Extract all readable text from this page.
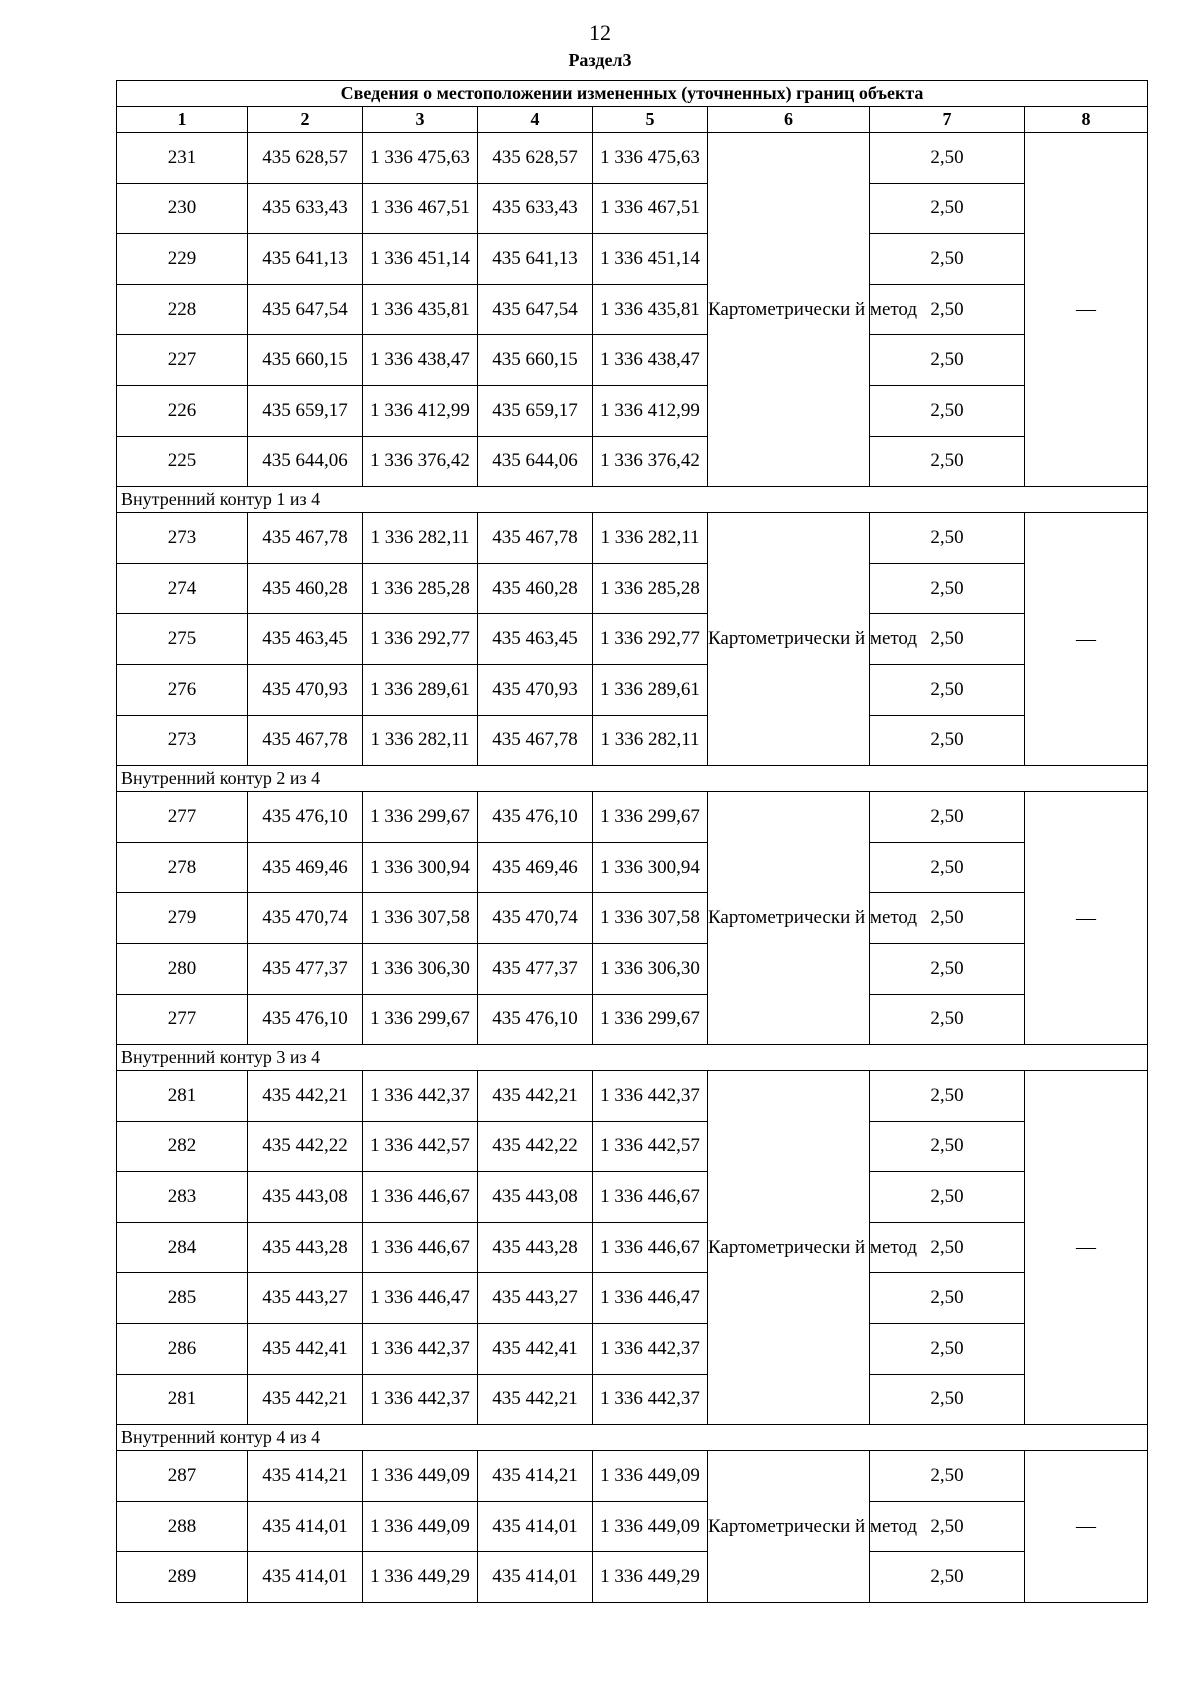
12
Раздел3
Сведения о местоположении измененных (уточненных) границ объекта							
1	2	3	4	5	6	7	8
231	435 628,57	1 336 475,63	435 628,57	1 336 475,63	Картометрически й метод	2,50	—
230	435 633,43	1 336 467,51	435 633,43	1 336 467,51		2,50	
229	435 641,13	1 336 451,14	435 641,13	1 336 451,14		2,50	
228	435 647,54	1 336 435,81	435 647,54	1 336 435,81		2,50	
227	435 660,15	1 336 438,47	435 660,15	1 336 438,47		2,50	
226	435 659,17	1 336 412,99	435 659,17	1 336 412,99		2,50	
225	435 644,06	1 336 376,42	435 644,06	1 336 376,42		2,50	
Внутренний контур 1 из 4							
273	435 467,78	1 336 282,11	435 467,78	1 336 282,11	Картометрически й метод	2,50	—
274	435 460,28	1 336 285,28	435 460,28	1 336 285,28		2,50	
275	435 463,45	1 336 292,77	435 463,45	1 336 292,77		2,50	
276	435 470,93	1 336 289,61	435 470,93	1 336 289,61		2,50	
273	435 467,78	1 336 282,11	435 467,78	1 336 282,11		2,50	
Внутренний контур 2 из 4							
277	435 476,10	1 336 299,67	435 476,10	1 336 299,67	Картометрически й метод	2,50	—
278	435 469,46	1 336 300,94	435 469,46	1 336 300,94		2,50	
279	435 470,74	1 336 307,58	435 470,74	1 336 307,58		2,50	
280	435 477,37	1 336 306,30	435 477,37	1 336 306,30		2,50	
277	435 476,10	1 336 299,67	435 476,10	1 336 299,67		2,50	
Внутренний контур 3 из 4							
281	435 442,21	1 336 442,37	435 442,21	1 336 442,37	Картометрически й метод	2,50	—
282	435 442,22	1 336 442,57	435 442,22	1 336 442,57		2,50	
283	435 443,08	1 336 446,67	435 443,08	1 336 446,67		2,50	
284	435 443,28	1 336 446,67	435 443,28	1 336 446,67		2,50	
285	435 443,27	1 336 446,47	435 443,27	1 336 446,47		2,50	
286	435 442,41	1 336 442,37	435 442,41	1 336 442,37		2,50	
281	435 442,21	1 336 442,37	435 442,21	1 336 442,37		2,50	
Внутренний контур 4 из 4							
287	435 414,21	1 336 449,09	435 414,21	1 336 449,09	Картометрически й метод	2,50	—
288	435 414,01	1 336 449,09	435 414,01	1 336 449,09		2,50	
289	435 414,01	1 336 449,29	435 414,01	1 336 449,29		2,50	
